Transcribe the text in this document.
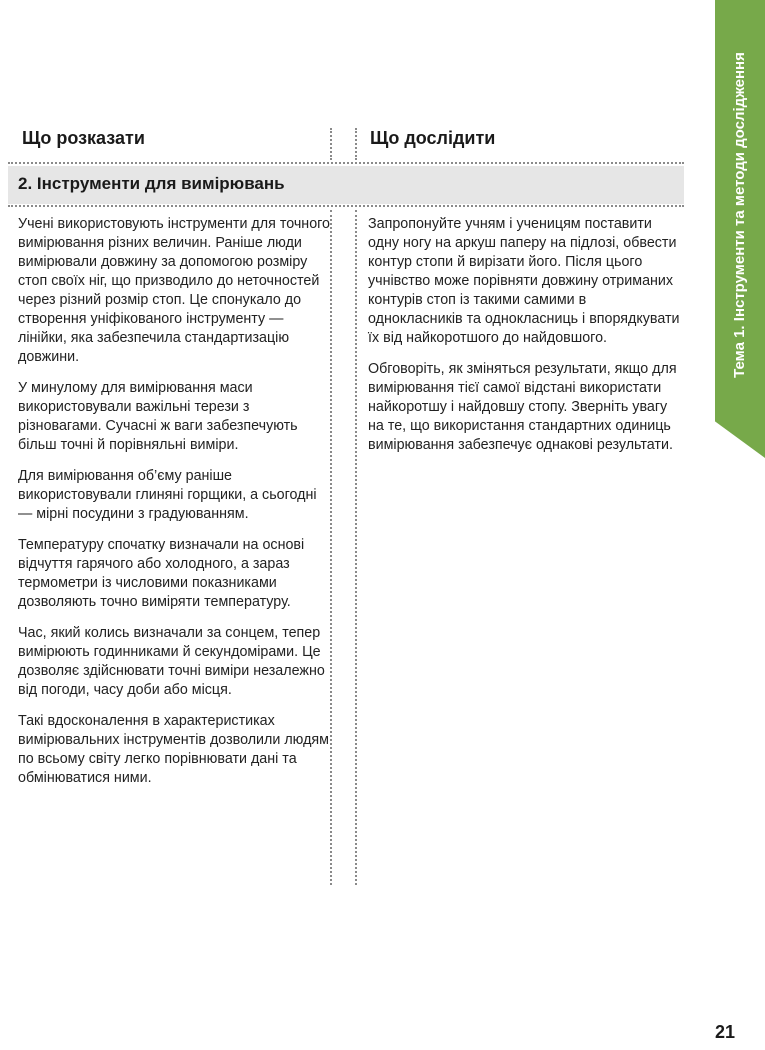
Тема 1. Інструменти та методи дослідження
Що розказати	Що дослідити
2. Інструменти для вимірювань

Учені використовують інструменти для точного вимірювання різних величин. Раніше люди вимірювали довжину за допомогою розміру стоп своїх ніг, що призводило до неточностей через різний розмір стоп. Це спонукало до створення уніфікованого інструменту — лінійки, яка забезпечила стандартизацію довжини.

У минулому для вимірювання маси використовували важільні терези з різновагами. Сучасні ж ваги забезпечують більш точні й порівняльні виміри.

Для вимірювання об’єму раніше використовували глиняні горщики, а сьогодні — мірні посудини з градуюванням.

Температуру спочатку визначали на основі відчуття гарячого або холодного, а зараз термометри із числовими показниками дозволяють точно виміряти температуру.

Час, який колись визначали за сонцем, тепер вимірюють годинниками й секундомірами. Це дозволяє здійснювати точні виміри незалежно від погоди, часу доби або місця.

Такі вдосконалення в характеристиках вимірювальних інструментів дозволили людям по всьому світу легко порівнювати дані та обмінюватися ними.

Запропонуйте учням і ученицям поставити одну ногу на аркуш паперу на підлозі, обвести контур стопи й вирізати його. Після цього учнівство може порівняти довжину отриманих контурів стоп із такими самими в однокласників та однокласниць і впорядкувати їх від найкоротшого до найдовшого.

Обговоріть, як зміняться результати, якщо для вимірювання тієї самої відстані використати найкоротшу і найдовшу стопу. Зверніть увагу на те, що використання стандартних одиниць вимірювання забезпечує однакові результати.

21
